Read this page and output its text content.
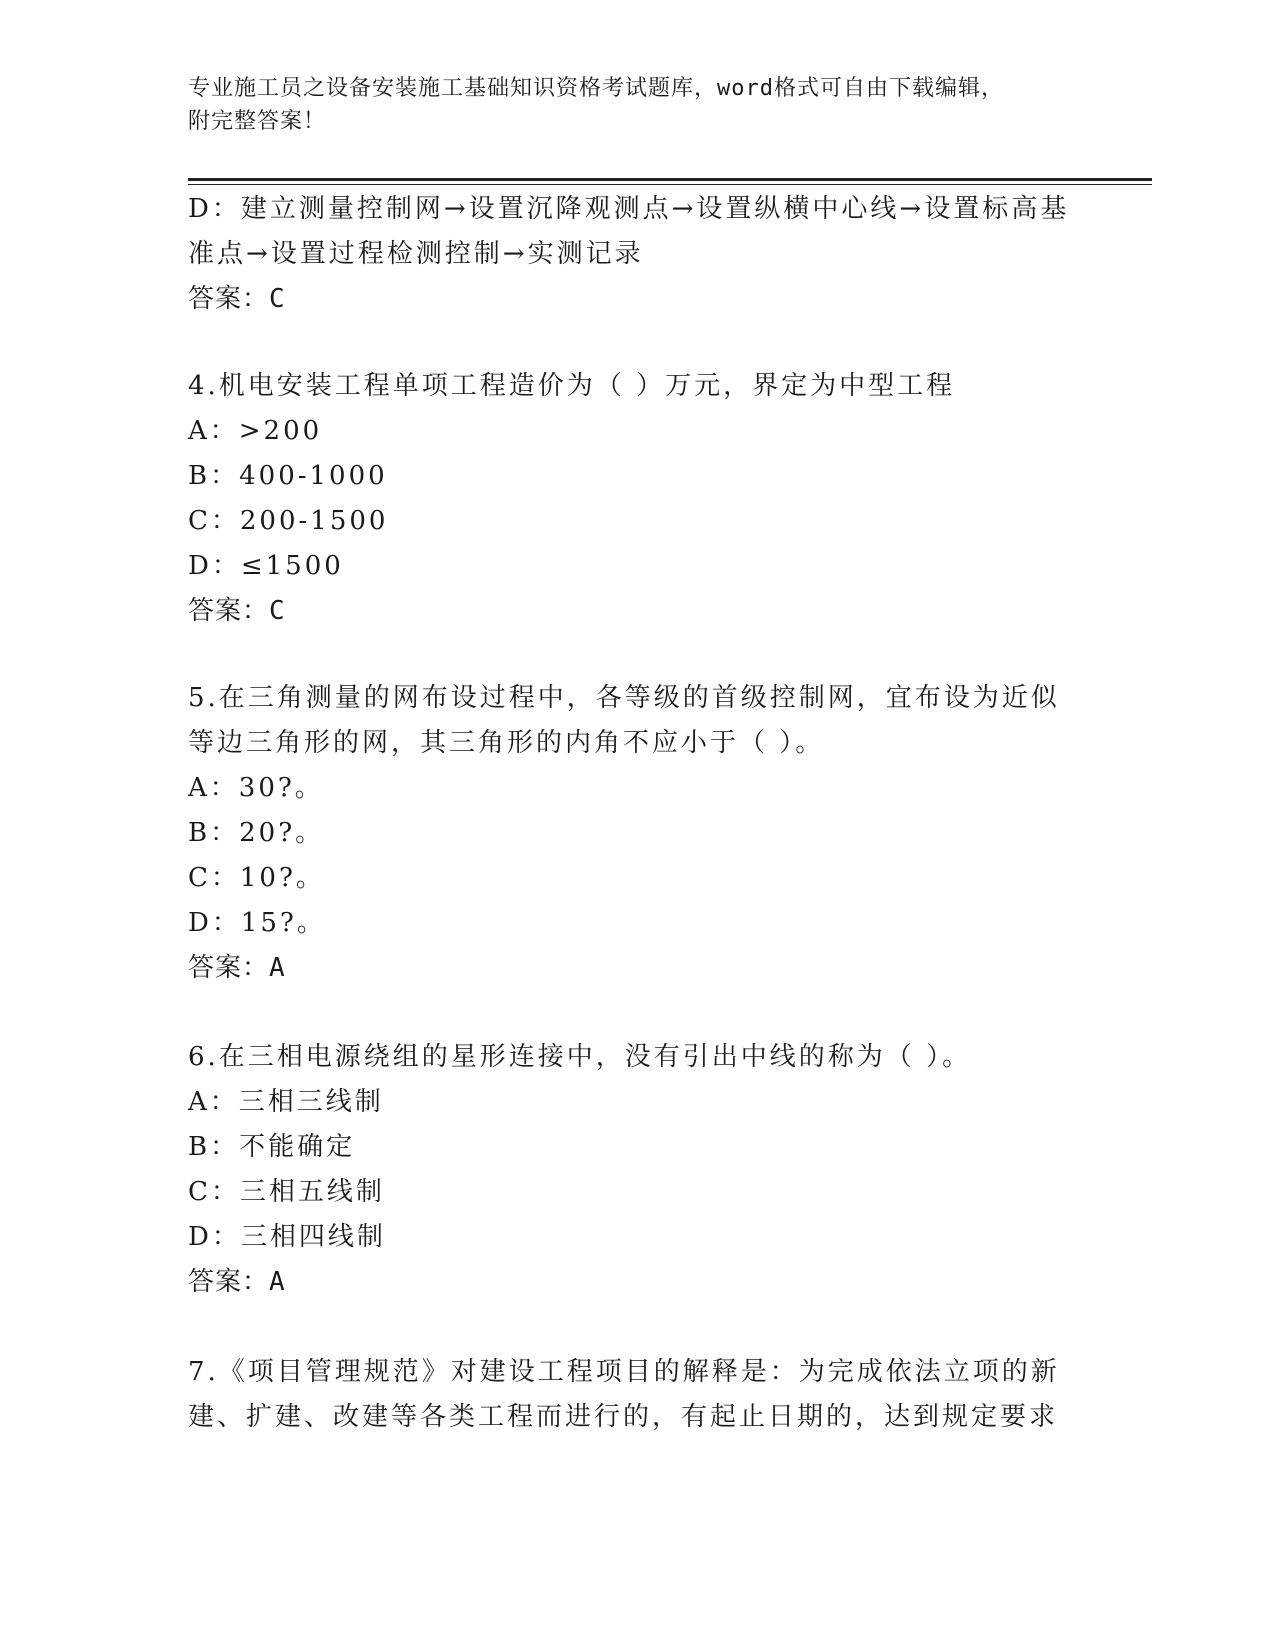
专业施工员之设备安装施工基础知识资格考试题库，word格式可自由下载编辑，
附完整答案！
D：建立测量控制网→设置沉降观测点→设置纵横中心线→设置标高基
准点→设置过程检测控制→实测记录
答案：C
4.机电安装工程单项工程造价为（ ）万元，界定为中型工程
A：>200
B：400-1000
C：200-1500
D：≤1500
答案：C
5.在三角测量的网布设过程中，各等级的首级控制网，宜布设为近似
等边三角形的网，其三角形的内角不应小于（ ）。
A：30?。
B：20?。
C：10?。
D：15?。
答案：A
6.在三相电源绕组的星形连接中，没有引出中线的称为（ ）。
A：三相三线制
B：不能确定
C：三相五线制
D：三相四线制
答案：A
7.《项目管理规范》对建设工程项目的解释是：为完成依法立项的新
建、扩建、改建等各类工程而进行的，有起止日期的，达到规定要求
